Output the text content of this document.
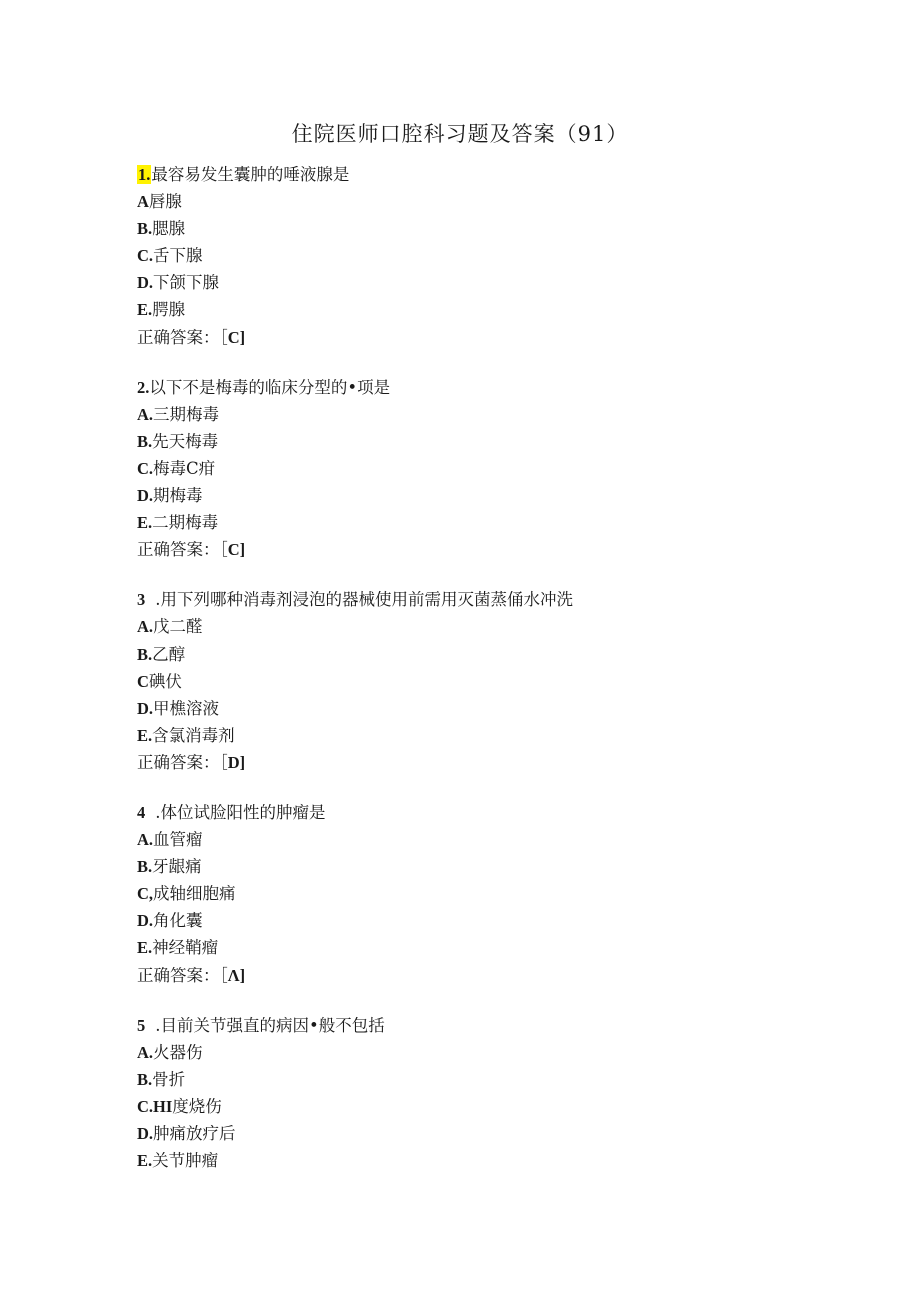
住院医师口腔科习题及答案（91）
1.最容易发生囊肿的唾液腺是
A唇腺
B.腮腺
C.舌下腺
D.下颌下腺
E.腭腺
正确答案：［C]
2.以下不是梅毒的临床分型的•项是
A.三期梅毒
B.先天梅毒
C.梅毒C疳
D.期梅毒
E.二期梅毒
正确答案：［C]
3 .用下列哪种消毒剂浸泡的器械使用前需用灭菌蒸俑水冲洗
A.戊二醛
B.乙醇
C碘伏
D.甲樵溶液
E.含氯消毒剂
正确答案：［D]
4 .体位试脸阳性的肿瘤是
A.血管瘤
B.牙龈痛
C,成轴细胞痛
D.角化囊
E.神经鞘瘤
正确答案：［Λ]
5 .目前关节强直的病因•般不包括
A.火器伤
B.骨折
C.HI度烧伤
D.肿痛放疗后
E.关节肿瘤
